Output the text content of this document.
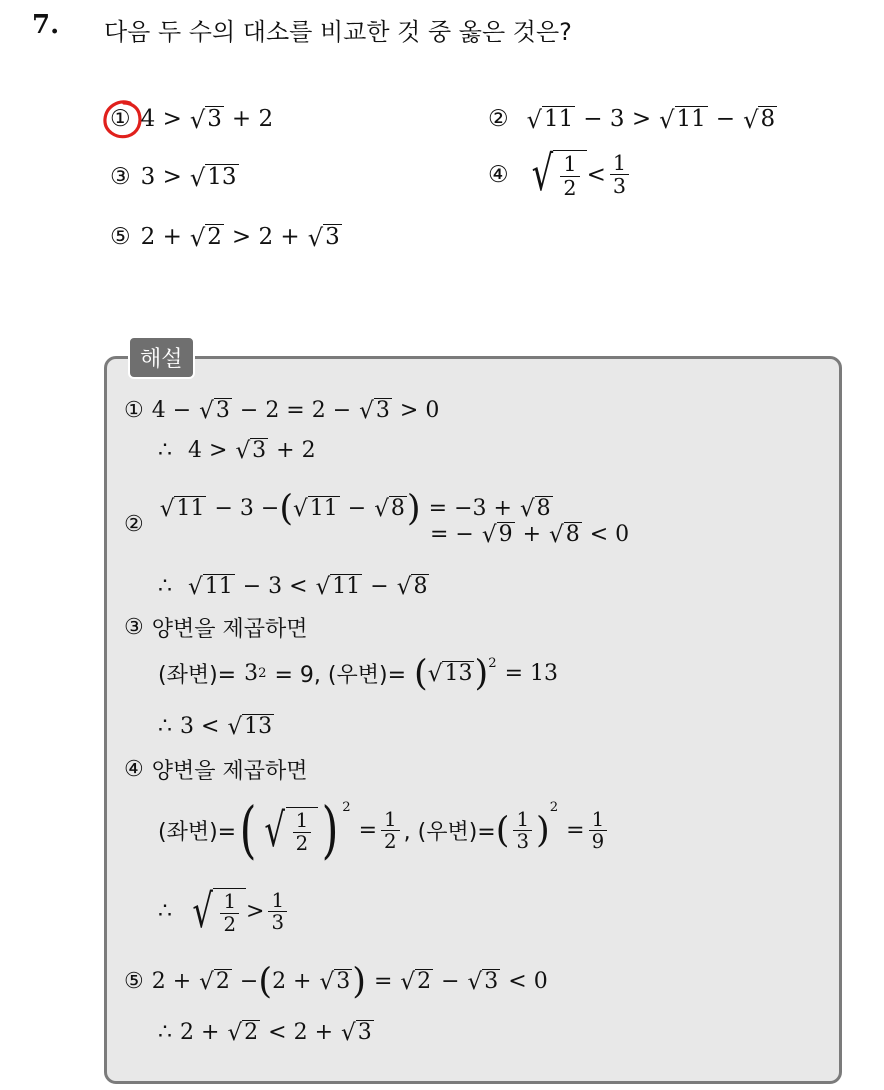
7. 다음 두 수의 대소를 비교한 것 중 옳은 것은?
① 4 > √ 3 + 2	② √ 11 − 3 > √ 11 − √ 8
③ 3 > √ 13	④ √ $\frac{1}{2} < \frac{1}{3}$
⑤ 2 + √ 2 > 2 + √ 3
해설
① 4 − √ 3 − 2 = 2 − √ 3 > 0
∴ 4 > √ 3 + 2
②
√ 11 − 3 − ( √ 11 − √ 8 ) = −3 + √ 8
= − √ 9 + √ 8 < 0
∴ √ 11 − 3 < √ 11 − √ 8
③ 양변을 제곱하면
(좌변)= 3 2 = 9, (우변)= ( √ 13 )$^2$ = 13
∴ 3 < √ 13
④ 양변을 제곱하면
(좌변)= ( √ $\frac{1}{2}$ ) $^2$
= $\frac{1}{2}$ , (우변)= ( $\frac{1}{3}$ )
$^2$
= $\frac{1}{9}$
∴ √ $\frac{1}{2} > \frac{1}{3}$
⑤ 2 + √ 2 − ( 2 + √ 3 ) = √ 2 − √ 3 < 0
∴ 2 + √ 2 < 2 + √ 3
